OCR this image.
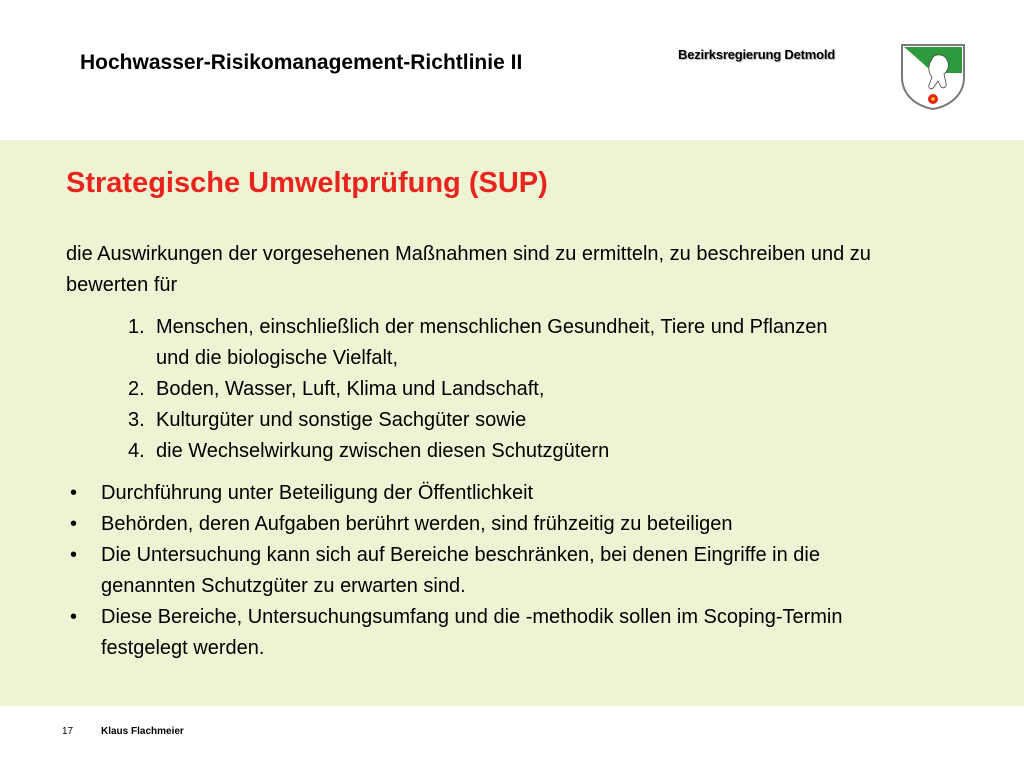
Hochwasser-Risikomanagement-Richtlinie II	Bezirksregierung Detmold
Strategische Umweltprüfung (SUP)
die Auswirkungen der vorgesehenen Maßnahmen sind zu ermitteln, zu beschreiben und zu bewerten für
1. Menschen, einschließlich der menschlichen Gesundheit, Tiere und Pflanzen und die biologische Vielfalt,
2. Boden, Wasser, Luft, Klima und Landschaft,
3. Kulturgüter und sonstige Sachgüter sowie
4. die Wechselwirkung zwischen diesen Schutzgütern
• Durchführung unter Beteiligung der Öffentlichkeit
• Behörden, deren Aufgaben berührt werden, sind frühzeitig zu beteiligen
• Die Untersuchung kann sich auf Bereiche beschränken, bei denen Eingriffe in die genannten Schutzgüter zu erwarten sind.
• Diese Bereiche, Untersuchungsumfang und die -methodik sollen im Scoping-Termin festgelegt werden.
17	Klaus Flachmeier
